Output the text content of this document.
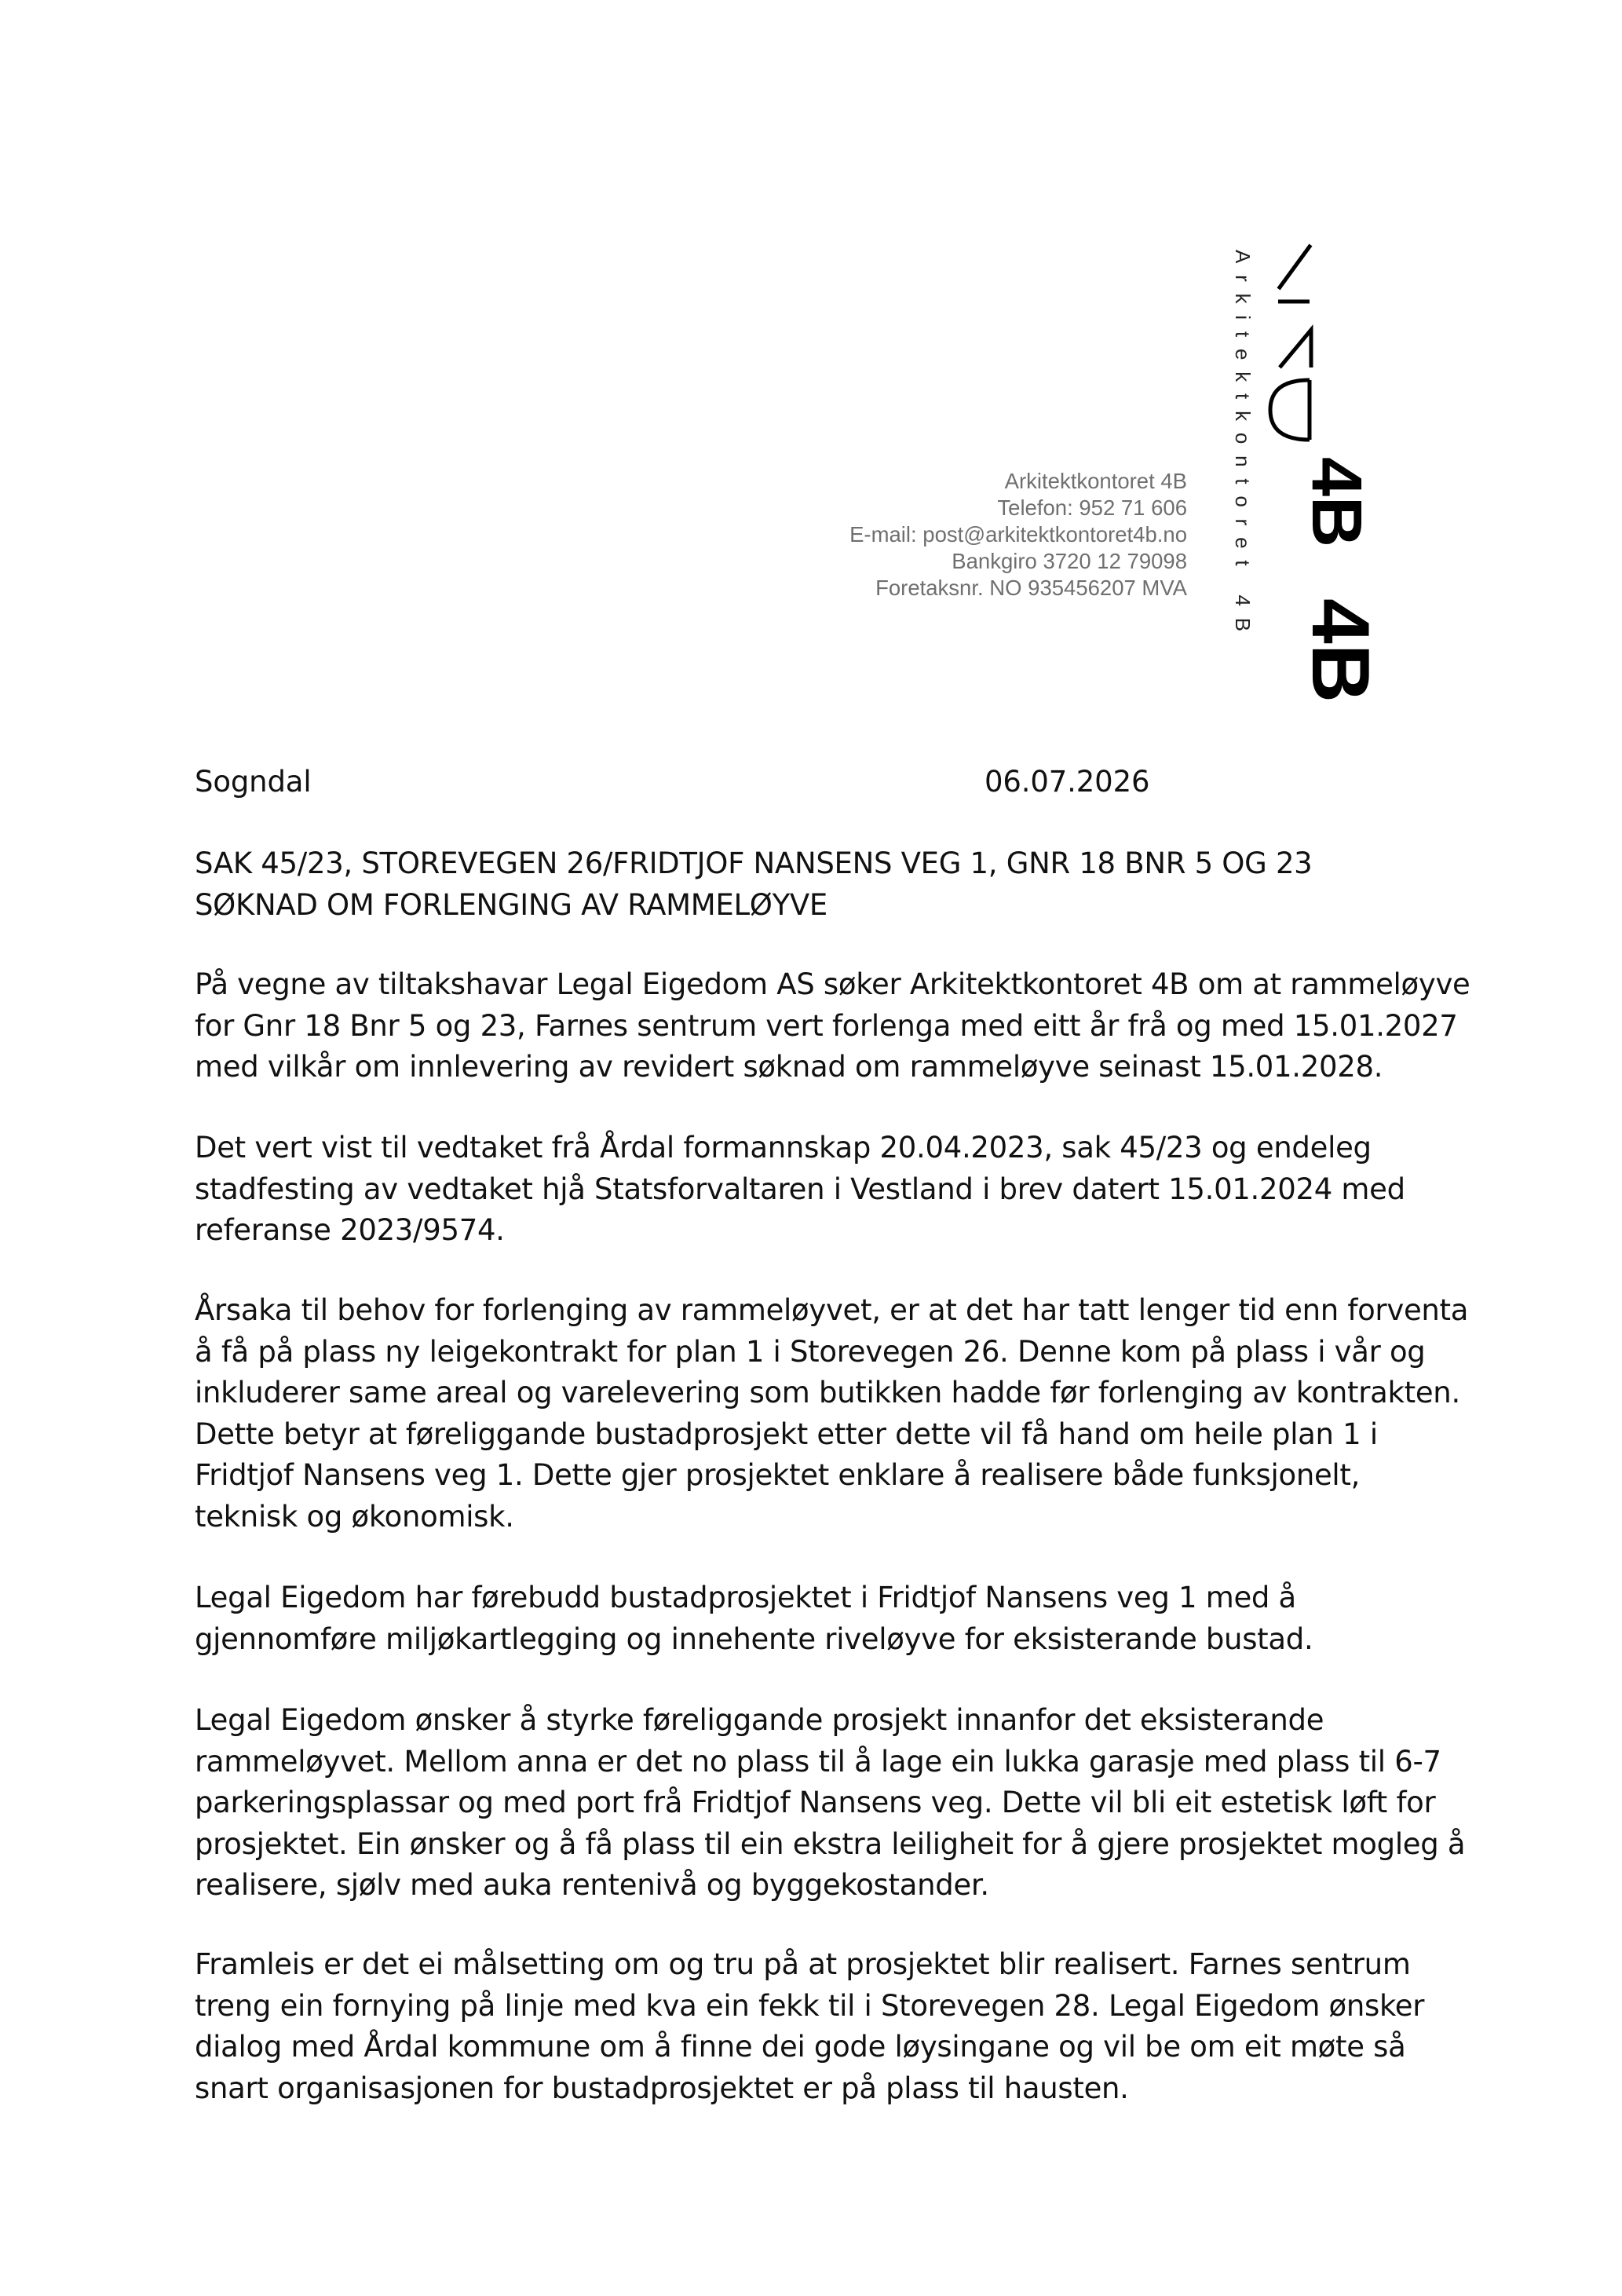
Arkitektkontoret 4B
Telefon: 952 71 606
E-mail: post@arkitektkontoret4b.no
Bankgiro 3720 12 79098
Foretaksnr. NO 935456207 MVA Arkitektkontoret 4B 4B
4B
Sogndal	06.07.2026
SAK 45/23, STOREVEGEN 26/FRIDTJOF NANSENS VEG 1, GNR 18 BNR 5 OG 23
SØKNAD OM FORLENGING AV RAMMELØYVE
På vegne av tiltakshavar Legal Eigedom AS søker Arkitektkontoret 4B om at rammeløyve
for Gnr 18 Bnr 5 og 23, Farnes sentrum vert forlenga med eitt år frå og med 15.01.2027
med vilkår om innlevering av revidert søknad om rammeløyve seinast 15.01.2028.
Det vert vist til vedtaket frå Årdal formannskap 20.04.2023, sak 45/23 og endeleg
stadfesting av vedtaket hjå Statsforvaltaren i Vestland i brev datert 15.01.2024 med
referanse 2023/9574.
Årsaka til behov for forlenging av rammeløyvet, er at det har tatt lenger tid enn forventa
å få på plass ny leigekontrakt for plan 1 i Storevegen 26. Denne kom på plass i vår og
inkluderer same areal og varelevering som butikken hadde før forlenging av kontrakten.
Dette betyr at føreliggande bustadprosjekt etter dette vil få hand om heile plan 1 i
Fridtjof Nansens veg 1. Dette gjer prosjektet enklare å realisere både funksjonelt,
teknisk og økonomisk.
Legal Eigedom har førebudd bustadprosjektet i Fridtjof Nansens veg 1 med å
gjennomføre miljøkartlegging og innehente riveløyve for eksisterande bustad.
Legal Eigedom ønsker å styrke føreliggande prosjekt innanfor det eksisterande
rammeløyvet. Mellom anna er det no plass til å lage ein lukka garasje med plass til 6-7
parkeringsplassar og med port frå Fridtjof Nansens veg. Dette vil bli eit estetisk løft for
prosjektet. Ein ønsker og å få plass til ein ekstra leiligheit for å gjere prosjektet mogleg å
realisere, sjølv med auka rentenivå og byggekostander.
Framleis er det ei målsetting om og tru på at prosjektet blir realisert. Farnes sentrum
treng ein fornying på linje med kva ein fekk til i Storevegen 28. Legal Eigedom ønsker
dialog med Årdal kommune om å finne dei gode løysingane og vil be om eit møte så
snart organisasjonen for bustadprosjektet er på plass til hausten.
